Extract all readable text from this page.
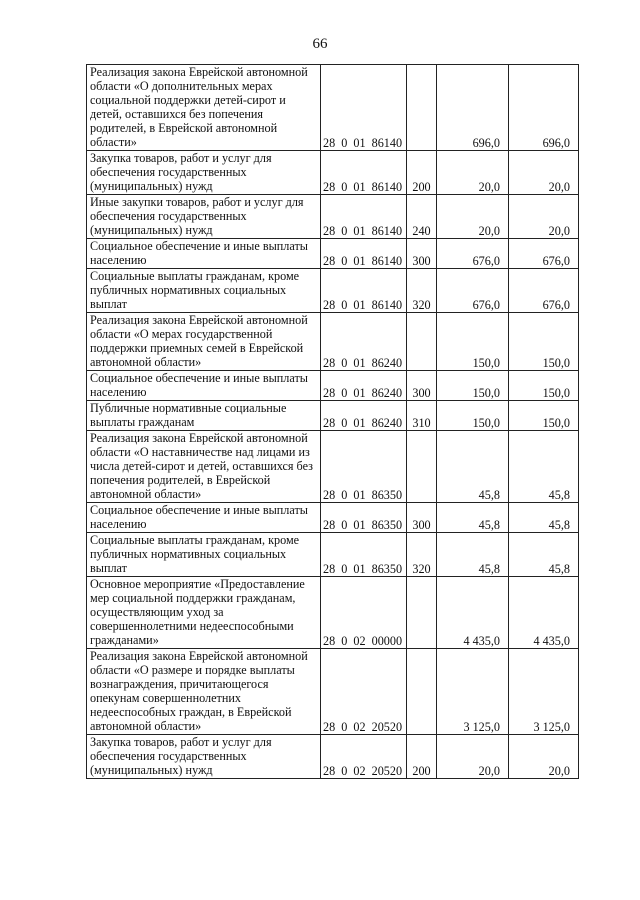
66
Реализация закона Еврейской автономной области «О дополнительных мерах социальной поддержки детей-сирот и детей, оставшихся без попечения родителей, в Еврейской автономной области»	28 0 01 86140		696,0	696,0
Закупка товаров, работ и услуг для обеспечения государственных (муниципальных) нужд	28 0 01 86140	200	20,0	20,0
Иные закупки товаров, работ и услуг для обеспечения государственных (муниципальных) нужд	28 0 01 86140	240	20,0	20,0
Социальное обеспечение и иные выплаты населению	28 0 01 86140	300	676,0	676,0
Социальные выплаты гражданам, кроме публичных нормативных социальных выплат	28 0 01 86140	320	676,0	676,0
Реализация закона Еврейской автономной области «О мерах государственной поддержки приемных семей в Еврейской автономной области»	28 0 01 86240		150,0	150,0
Социальное обеспечение и иные выплаты населению	28 0 01 86240	300	150,0	150,0
Публичные нормативные социальные выплаты гражданам	28 0 01 86240	310	150,0	150,0
Реализация закона Еврейской автономной области «О наставничестве над лицами из числа детей-сирот и детей, оставшихся без попечения родителей, в Еврейской автономной области»	28 0 01 86350		45,8	45,8
Социальное обеспечение и иные выплаты населению	28 0 01 86350	300	45,8	45,8
Социальные выплаты гражданам, кроме публичных нормативных социальных выплат	28 0 01 86350	320	45,8	45,8
Основное мероприятие «Предоставление мер социальной поддержки гражданам, осуществляющим уход за совершеннолетними недееспособными гражданами»	28 0 02 00000		4 435,0	4 435,0
Реализация закона Еврейской автономной области «О размере и порядке выплаты вознаграждения, причитающегося опекунам совершеннолетних недееспособных граждан, в Еврейской автономной области»	28 0 02 20520		3 125,0	3 125,0
Закупка товаров, работ и услуг для обеспечения государственных (муниципальных) нужд	28 0 02 20520	200	20,0	20,0
